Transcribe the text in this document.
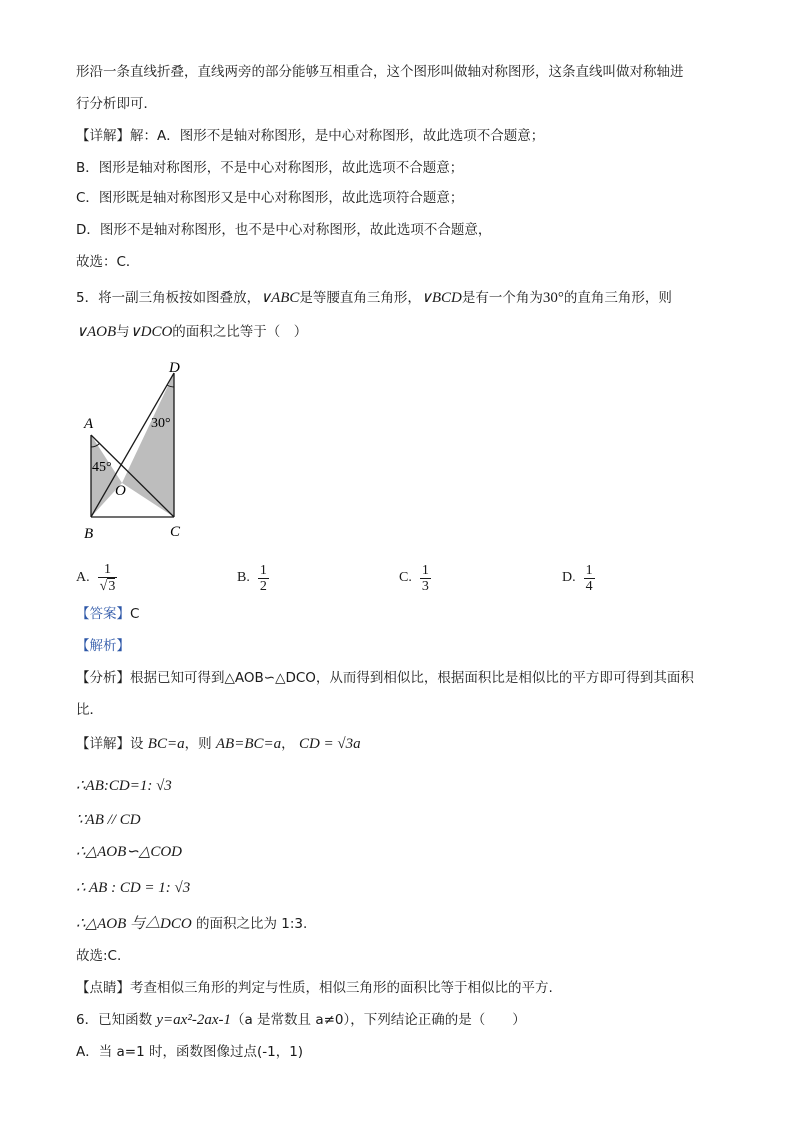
形沿一条直线折叠，直线两旁的部分能够互相重合，这个图形叫做轴对称图形，这条直线叫做对称轴进
行分析即可．
【详解】解：A．图形不是轴对称图形，是中心对称图形，故此选项不合题意；
B．图形是轴对称图形，不是中心对称图形，故此选项不合题意；
C．图形既是轴对称图形又是中心对称图形，故此选项符合题意；
D．图形不是轴对称图形，也不是中心对称图形，故此选项不合题意，
故选：C．
5．将一副三角板按如图叠放，∨ABC是等腰直角三角形，∨BCD是有一个角为30°的直角三角形，则
∨AOB与∨DCO的面积之比等于（　）
D
30°
A
45°
O
B	C
A. $\frac{1}{√3}$	B. $\frac{1}{2}$	C. $\frac{1}{3}$	D. $\frac{1}{4}$
【答案】C
【解析】
【分析】根据已知可得到△AOB∽△DCO，从而得到相似比，根据面积比是相似比的平方即可得到其面积
比．
【详解】设 BC=a，则 AB=BC=a， CD = √3a
∴AB:CD=1: √3
∵AB // CD
∴△AOB∽△COD
∴ AB : CD = 1: √3
∴△AOB 与△DCO 的面积之比为 1:3.
故选:C.
【点睛】考查相似三角形的判定与性质，相似三角形的面积比等于相似比的平方.
6．已知函数 y=ax²-2ax-1（a 是常数且 a≠0），下列结论正确的是（　　）
A．当 a=1 时，函数图像过点(-1，1)
